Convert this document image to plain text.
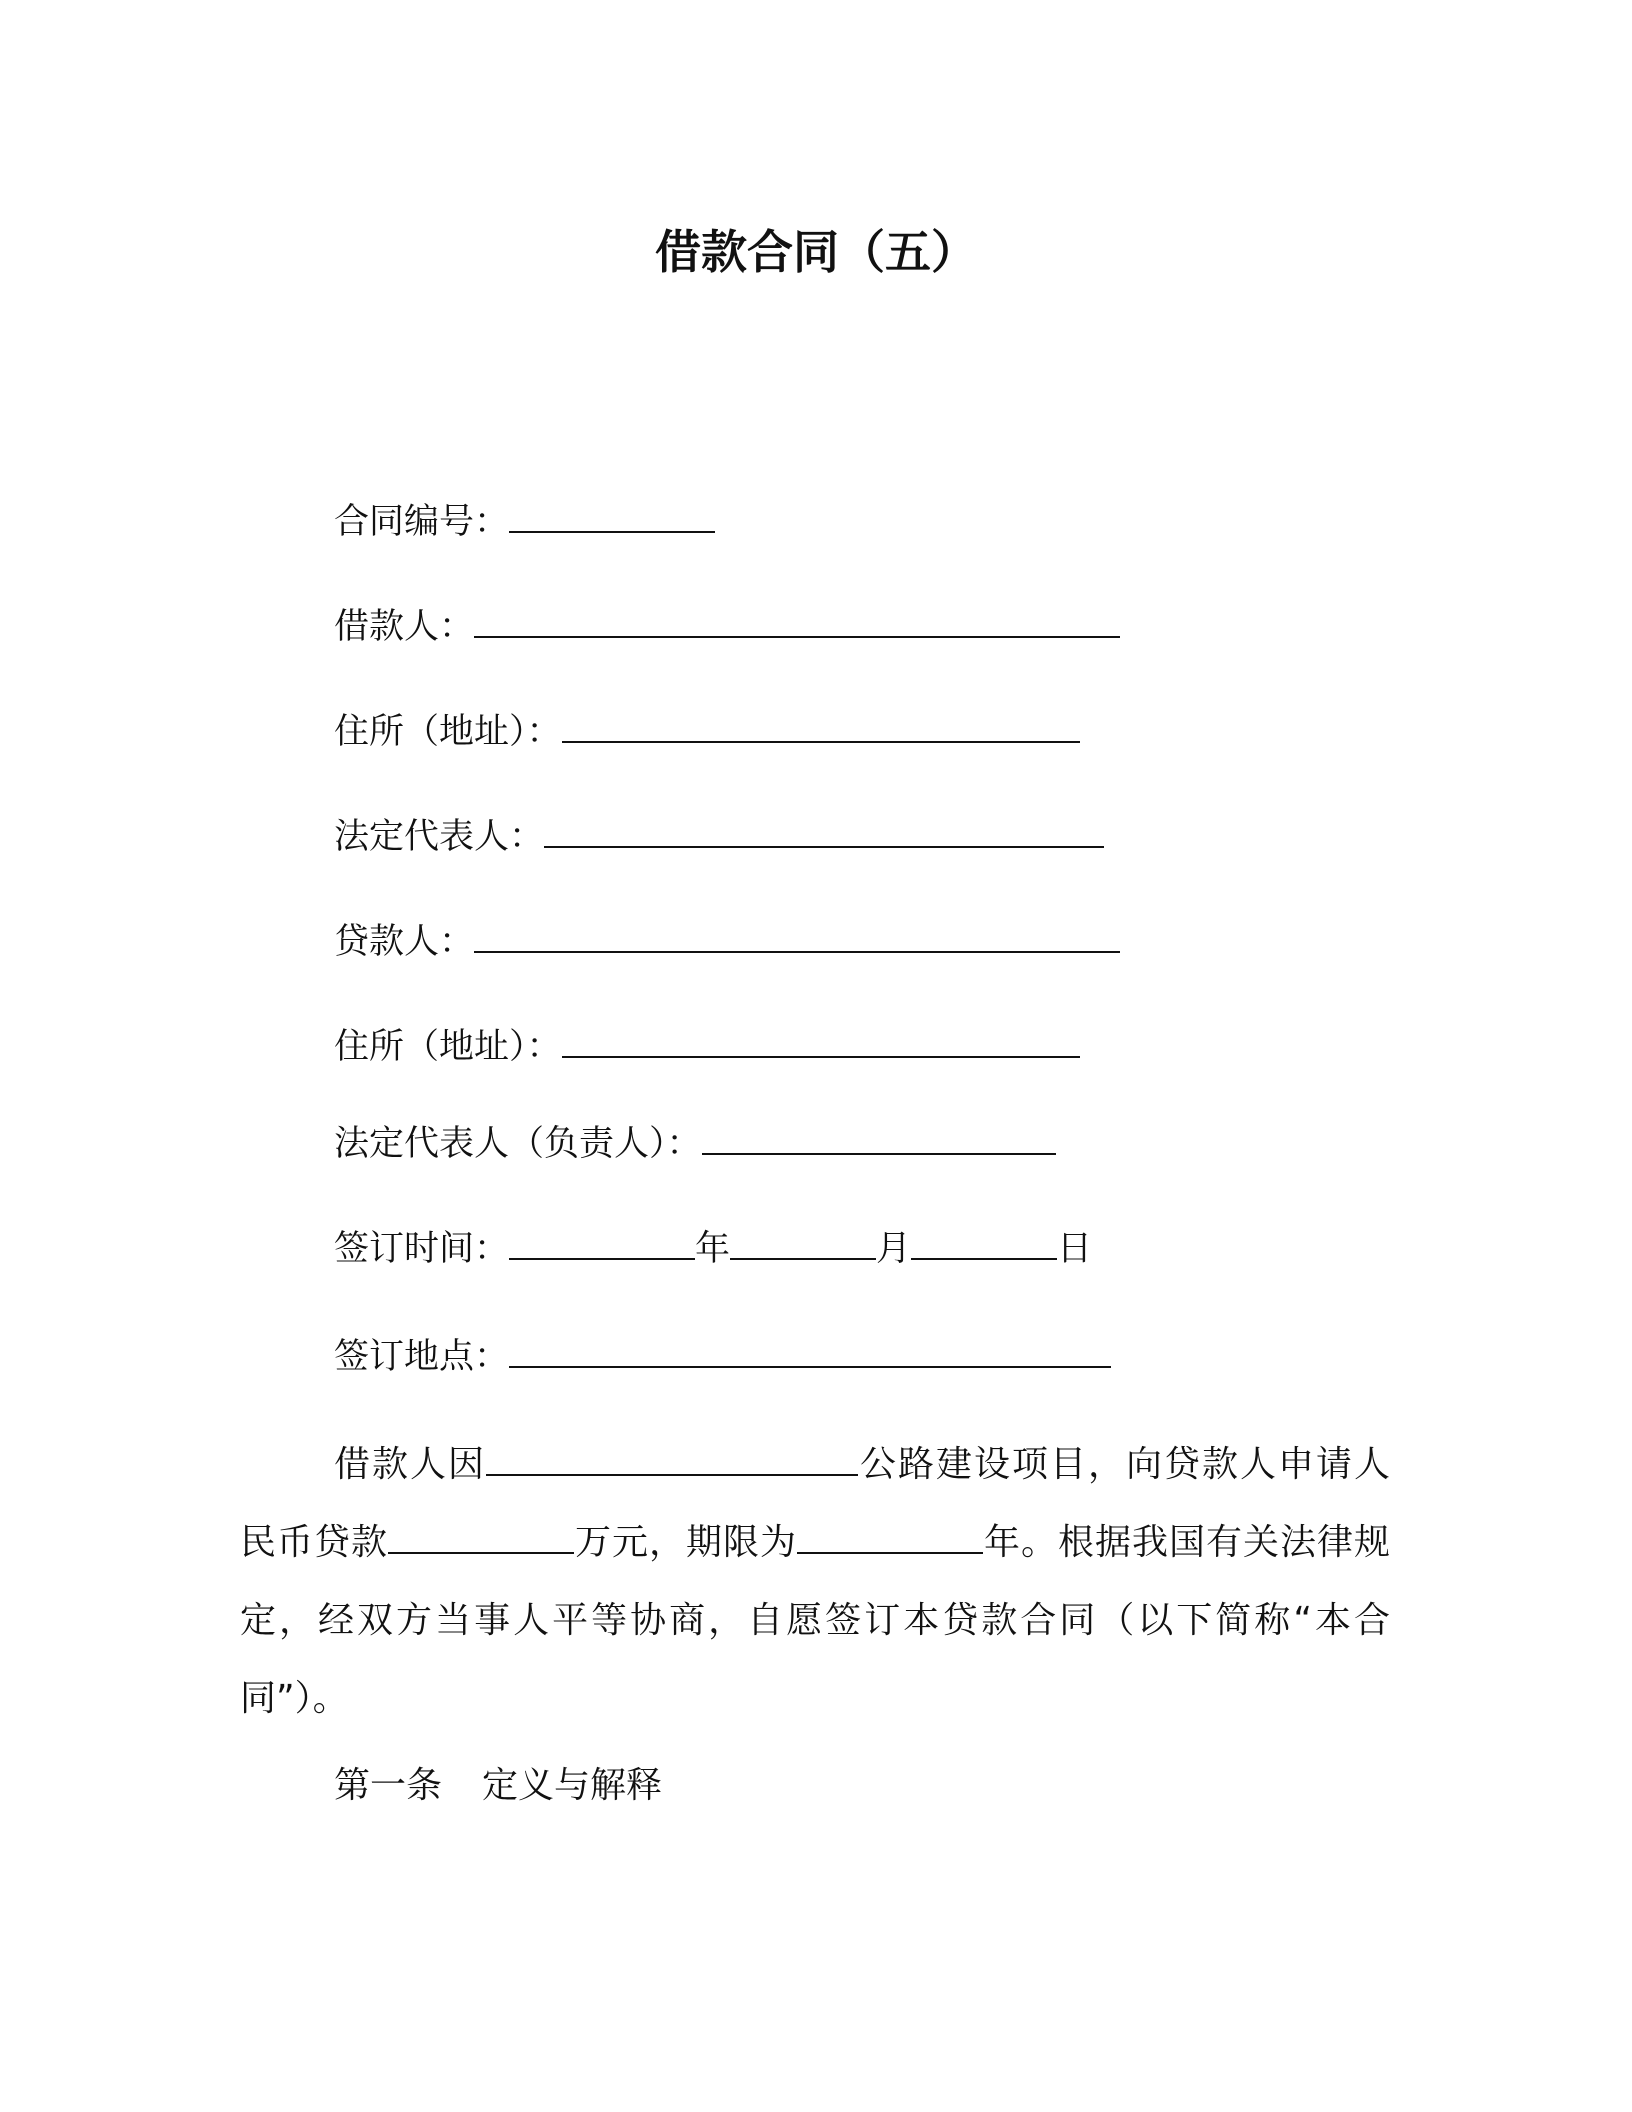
借款合同（五）
合同编号：
借款人：
住所（地址）：
法定代表人：
贷款人：
住所（地址）：
法定代表人（负责人）：
签订时间：	年	月	日
签订地点：
借款人因	公路建设项目，向贷款人申请人民币贷款	万元，期限为	年。根据我国有关法律规定，经双方当事人平等协商，自愿签订本贷款合同（以下简称“本合同”）。
第一条 定义与解释
